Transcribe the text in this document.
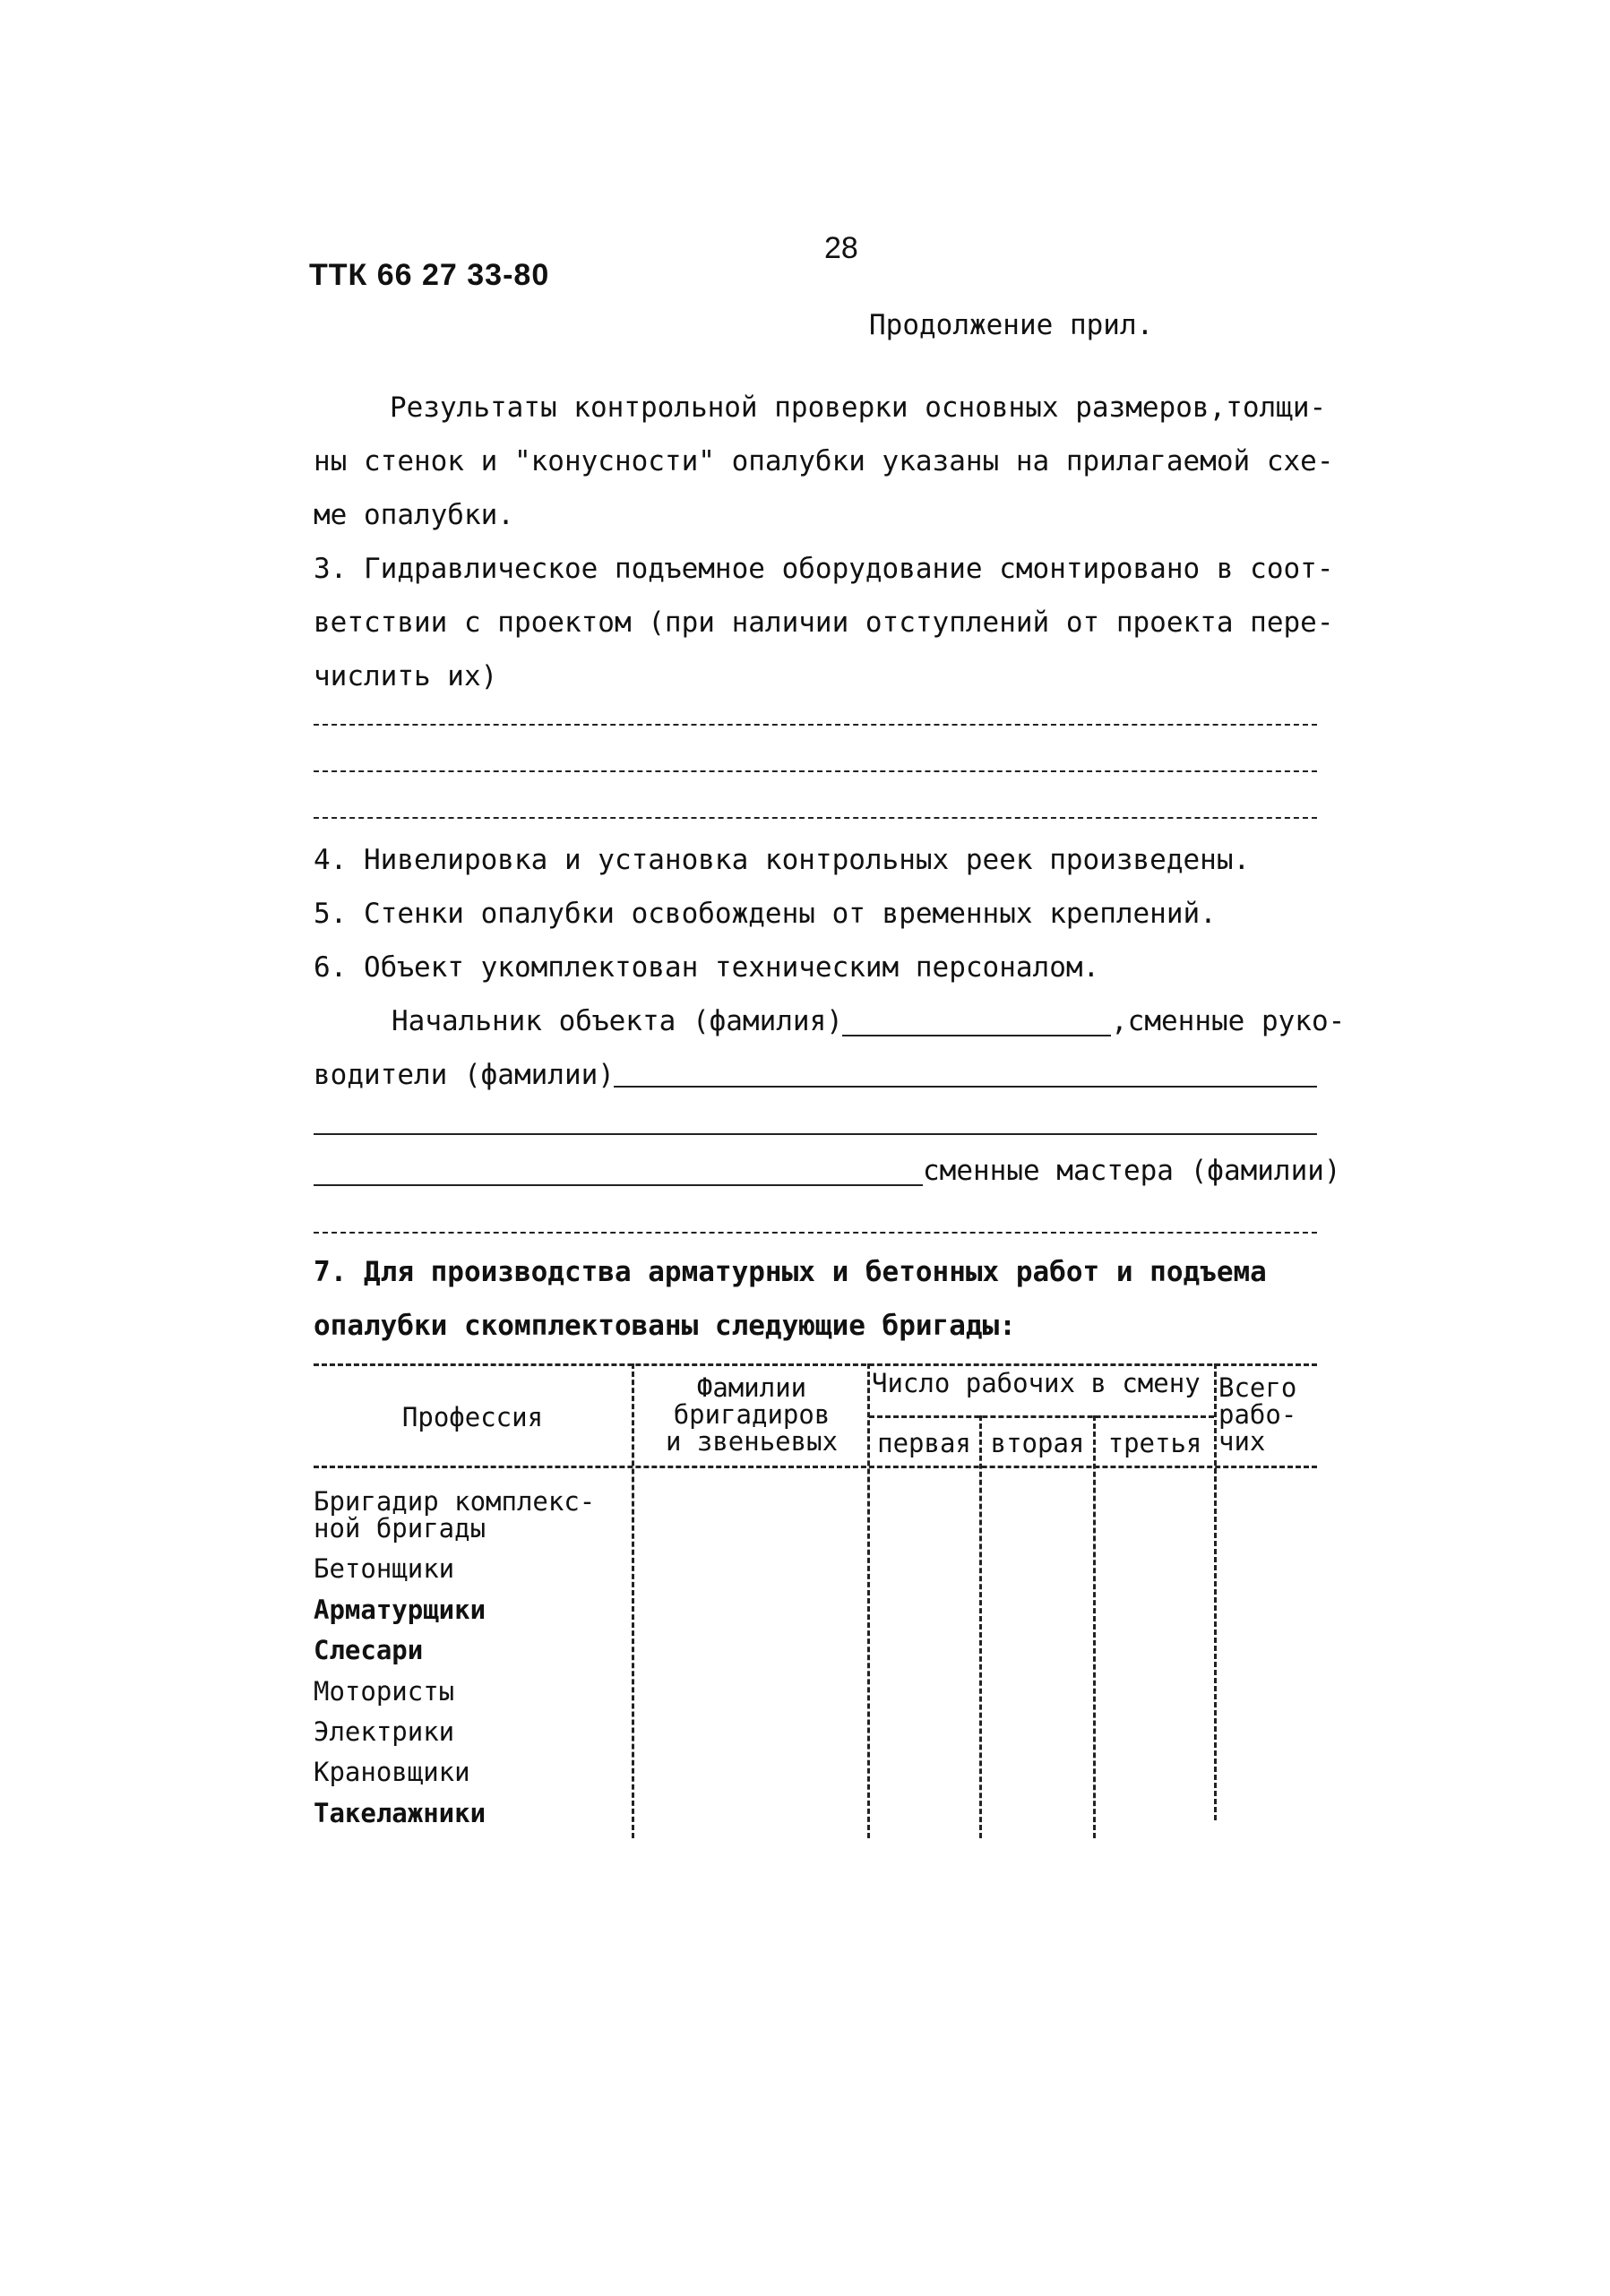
28
ТТК 66 27 33-80
Продолжение прил.
Результаты контрольной проверки основных размеров,толщи-
ны стенок и "конусности" опалубки указаны на прилагаемой схе-
ме опалубки.
3. Гидравлическое подъемное оборудование смонтировано в соот-
ветствии с проектом (при наличии отступлений от проекта пере-
числить их)
4. Нивелировка и установка контрольных реек произведены.
5. Стенки опалубки освобождены от временных креплений.
6. Объект укомплектован техническим персоналом.
Начальник объекта (фамилия)	,сменные руко-
водители (фамилии)
сменные мастера (фамилии)
7. Для производства арматурных и бетонных работ и подъема
опалубки скомплектованы следующие бригады:
Профессия
Фамилии
бригадиров
и звеньевых
Число рабочих в смену
первая вторая третья
Всего
рабо-
чих
Бригадир комплекс-
ной бригады
Бетонщики
Арматурщики
Слесари
Мотористы
Электрики
Крановщики
Такелажники
